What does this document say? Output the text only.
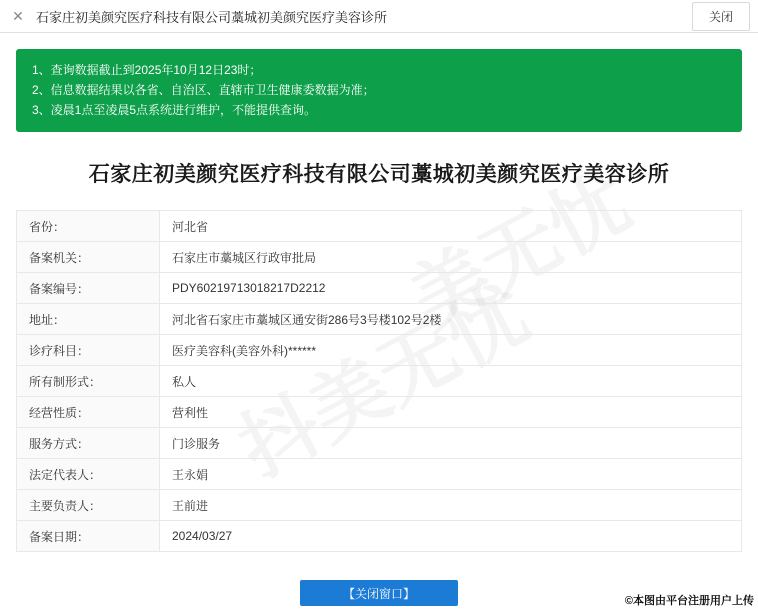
✕ 石家庄初美颜究医疗科技有限公司藁城初美颜究医疗美容诊所	关闭
1、查询数据截止到2025年10月12日23时；
2、信息数据结果以各省、自治区、直辖市卫生健康委数据为准；
3、凌晨1点至凌晨5点系统进行维护，不能提供查询。
石家庄初美颜究医疗科技有限公司藁城初美颜究医疗美容诊所
省份：	河北省
备案机关：	石家庄市藁城区行政审批局
备案编号：	PDY60219713018217D2212
地址：	河北省石家庄市藁城区通安街286号3号楼102号2楼
诊疗科目：	医疗美容科(美容外科)******
所有制形式：	私人
经营性质：	营利性
服务方式：	门诊服务
法定代表人：	王永娟
主要负责人：	王前进
备案日期：	2024/03/27
【关闭窗口】
©本图由平台注册用户上传
